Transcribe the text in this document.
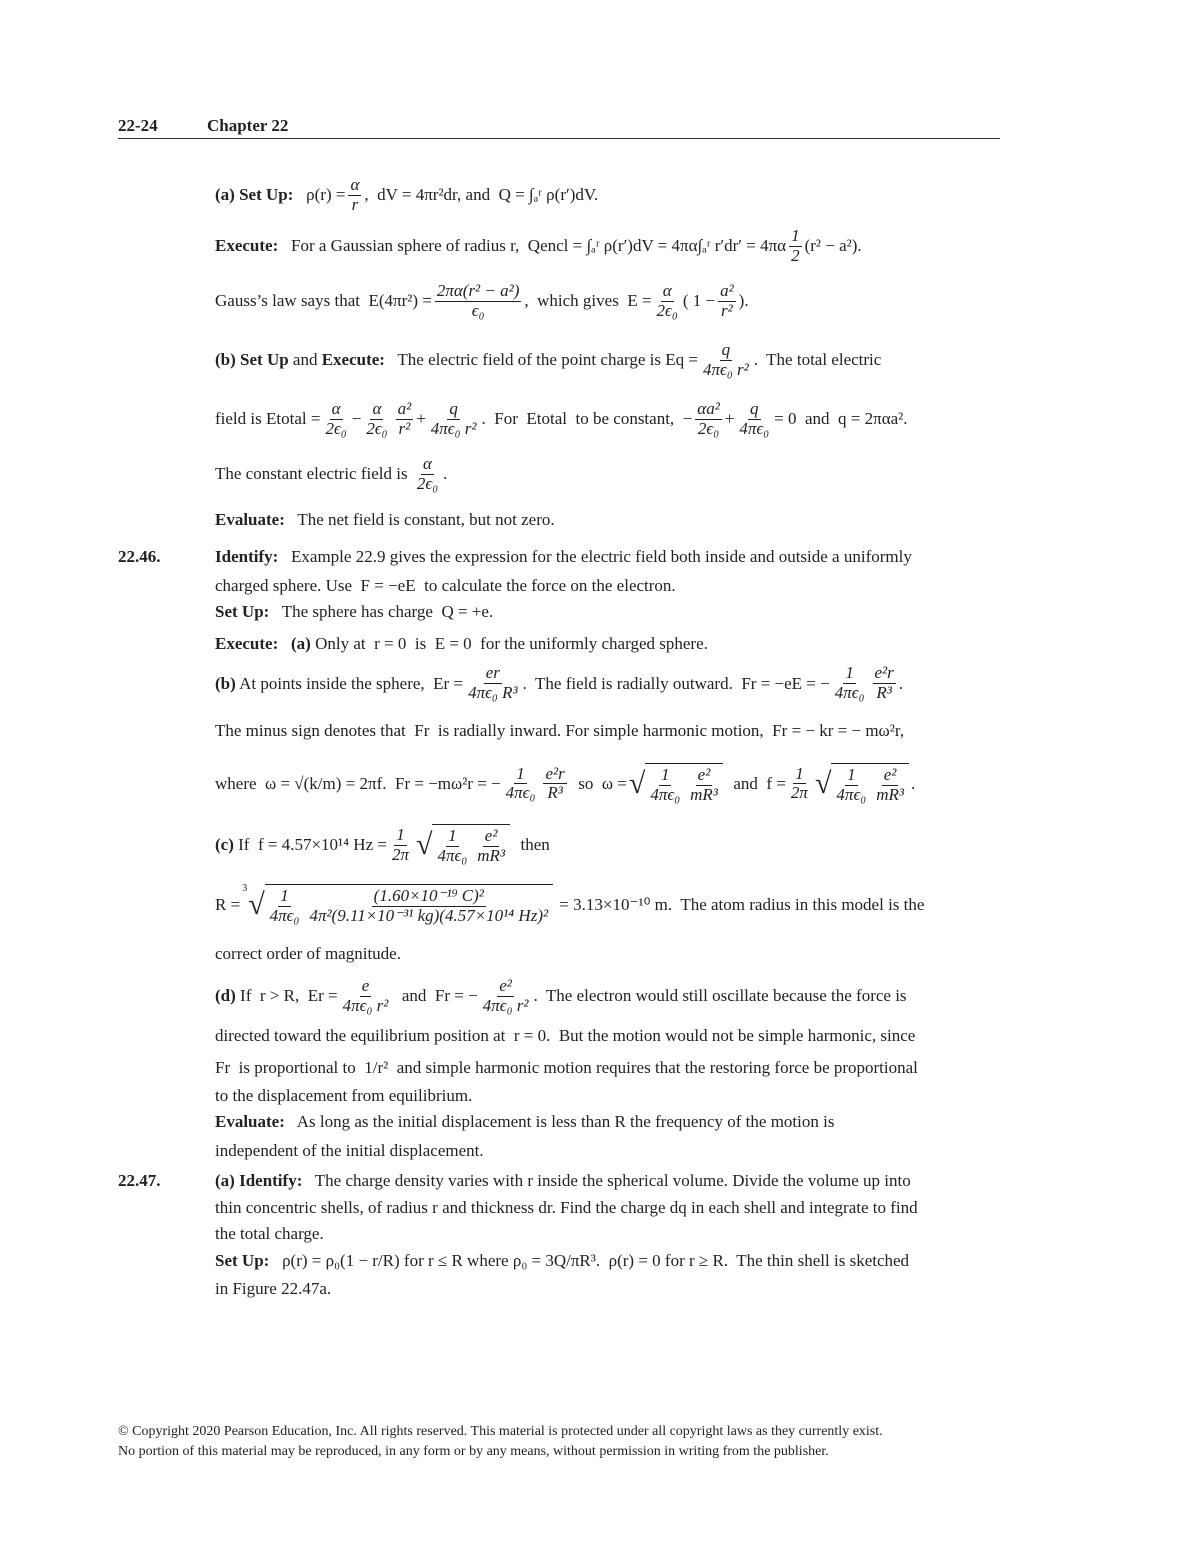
22-24	Chapter 22
(a) Set Up: $\rho(r) = \frac{\alpha}{r}$ ,  dV = 4πr²dr, and  Q = ∫ₐʳ ρ(r′)dV.
Execute: For a Gaussian sphere of radius r,  Q encl = ∫ₐʳ ρ(r′)dV = 4πα∫ₐʳ $r'dr' = 4\pi\alpha \frac{1}{2} (r^2 - a^2)$.
Gauss’s law says that  $E(4\pi r^2) = \frac{\text{2πα(r² − a²)}}{\text{ϵ₀}}$ ,  which gives  $E = \frac{\alpha}{\text{2ϵ₀}}$ ( $1 - \frac{\text{a²}}{\text{r²}}$ ).
(b) Set Up and Execute: The electric field of the point charge is E $q = \frac{q}{\text{4πϵ₀ r²}}$ .  The total electric
field is E total = $\frac{\alpha}{\text{2ϵ₀}} - \frac{\alpha}{\text{2ϵ₀}} \frac{\text{a²}}{\text{r²}} + \frac{q}{\text{4πϵ₀ r²}}$ .  For  E total to be constant,  − $\frac{\text{αa²}}{\text{2ϵ₀}} + \frac{q}{\text{4πϵ₀}} = 0$  and  q = 2παa².
The constant electric field is $\frac{\alpha}{\text{2ϵ₀}}$ .
Evaluate: The net field is constant, but not zero.
Identify: Example 22.9 gives the expression for the electric field both inside and outside a uniformly
22.46.
charged sphere. Use  F = −eE  to calculate the force on the electron.
Set Up: The sphere has charge  Q = +e.
Execute:
(a) Only at  r = 0  is  E = 0  for the uniformly charged sphere.
(b) At points inside the sphere,  E $r = \frac{er}{\text{4πϵ₀ R³}}$ .  The field is radially outward.  F r = −eE = − $\frac{1}{\text{4πϵ₀}} \frac{\text{e²r}}{\text{R³}}$ .
The minus sign denotes that  F r is radially inward. For simple harmonic motion,  F r = − kr = − mω²r,
where  ω = √(k/m) = 2πf.  F r = −mω²r = − $\frac{1}{\text{4πϵ₀}} \frac{\text{e²r}}{\text{R³}}$ so  ω = √ $\frac{1}{\text{4πϵ₀}} \frac{\text{e²}}{\text{mR³}}$ and  $f = \frac{1}{2\pi}$ √ $\frac{1}{\text{4πϵ₀}} \frac{\text{e²}}{\text{mR³}}$ .
(c) If  f = 4.57×10¹⁴ $Hz = \frac{1}{2\pi}$ √ $\frac{1}{\text{4πϵ₀}} \frac{\text{e²}}{\text{mR³}}$ then
R =
3 √ $\frac{1}{\text{4πϵ₀}} \frac{\text{(1.60×10⁻¹⁹ C)²}}{\text{4π²(9.11×10⁻³¹ kg)(4.57×10¹⁴ Hz)²}} = 3.13\times 10^{-10}$ m.  The atom radius in this model is the
correct order of magnitude.
(d) If  r > R,  E $r = \frac{e}{\text{4πϵ₀ r²}}$ and  F r = − $\frac{\text{e²}}{\text{4πϵ₀ r²}}$ .  The electron would still oscillate because the force is
directed toward the equilibrium position at  r = 0.  But the motion would not be simple harmonic, since
F r is proportional to  1/r²  and simple harmonic motion requires that the restoring force be proportional
to the displacement from equilibrium.
Evaluate: As long as the initial displacement is less than R the frequency of the motion is
independent of the initial displacement.
(a) Identify: The charge density varies with r inside the spherical volume. Divide the volume up into
22.47.
thin concentric shells, of radius r and thickness dr. Find the charge dq in each shell and integrate to find
the total charge.
Set Up: ρ(r) = ρ₀(1 − r/R) for r ≤ R where ρ₀ = 3Q/πR³.  ρ(r) = 0 for r ≥ R.  The thin shell is sketched
in Figure 22.47a.
© Copyright 2020 Pearson Education, Inc. All rights reserved. This material is protected under all copyright laws as they currently exist.
No portion of this material may be reproduced, in any form or by any means, without permission in writing from the publisher.
